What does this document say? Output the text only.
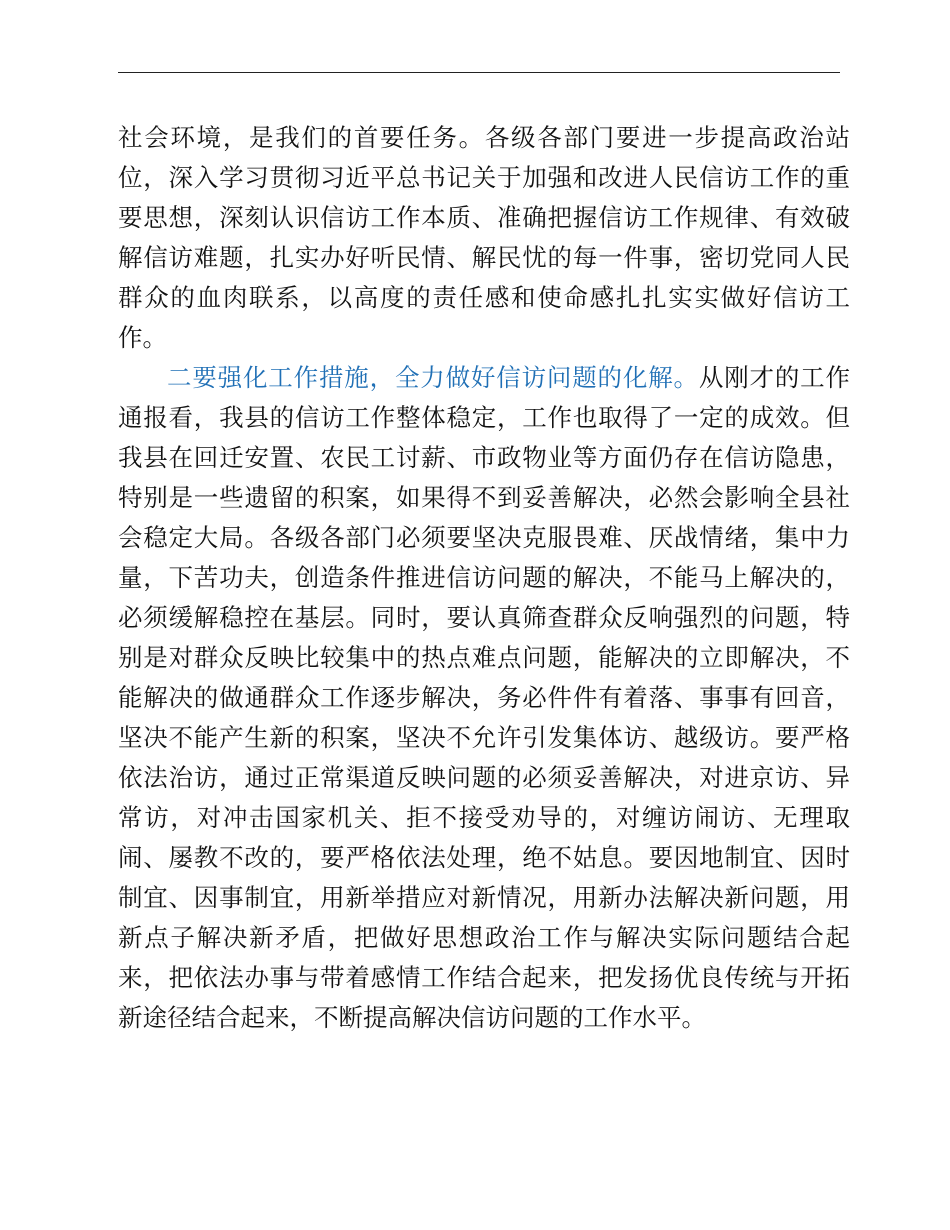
社会环境，是我们的首要任务。各级各部门要进一步提高政治站位，深入学习贯彻习近平总书记关于加强和改进人民信访工作的重要思想，深刻认识信访工作本质、准确把握信访工作规律、有效破解信访难题，扎实办好听民情、解民忧的每一件事，密切党同人民群众的血肉联系，以高度的责任感和使命感扎扎实实做好信访工作。

二要强化工作措施，全力做好信访问题的化解。从刚才的工作通报看，我县的信访工作整体稳定，工作也取得了一定的成效。但我县在回迁安置、农民工讨薪、市政物业等方面仍存在信访隐患，特别是一些遗留的积案，如果得不到妥善解决，必然会影响全县社会稳定大局。各级各部门必须要坚决克服畏难、厌战情绪，集中力量，下苦功夫，创造条件推进信访问题的解决，不能马上解决的，必须缓解稳控在基层。同时，要认真筛查群众反响强烈的问题，特别是对群众反映比较集中的热点难点问题，能解决的立即解决，不能解决的做通群众工作逐步解决，务必件件有着落、事事有回音，坚决不能产生新的积案，坚决不允许引发集体访、越级访。要严格依法治访，通过正常渠道反映问题的必须妥善解决，对进京访、异常访，对冲击国家机关、拒不接受劝导的，对缠访闹访、无理取闹、屡教不改的，要严格依法处理，绝不姑息。要因地制宜、因时制宜、因事制宜，用新举措应对新情况，用新办法解决新问题，用新点子解决新矛盾，把做好思想政治工作与解决实际问题结合起来，把依法办事与带着感情工作结合起来，把发扬优良传统与开拓新途径结合起来，不断提高解决信访问题的工作水平。
